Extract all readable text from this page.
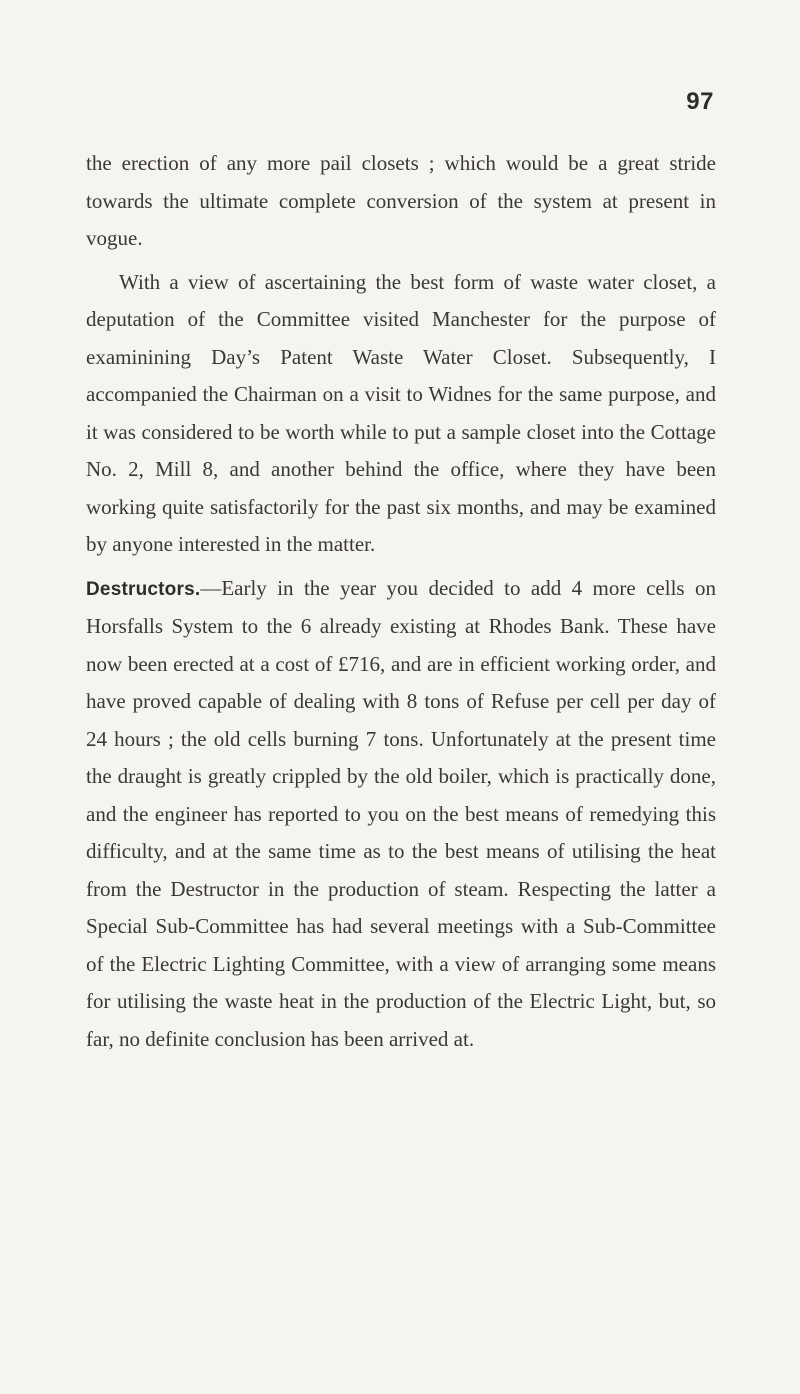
97

the erection of any more pail closets ; which would be a great stride towards the ultimate complete conversion of the system at present in vogue.

With a view of ascertaining the best form of waste water closet, a deputation of the Committee visited Manchester for the purpose of examinining Day’s Patent Waste Water Closet. Subsequently, I accompanied the Chairman on a visit to Widnes for the same purpose, and it was considered to be worth while to put a sample closet into the Cottage No. 2, Mill 8, and another behind the office, where they have been working quite satisfactorily for the past six months, and may be examined by anyone interested in the matter.

Destructors.—Early in the year you decided to add 4 more cells on Horsfalls System to the 6 already existing at Rhodes Bank. These have now been erected at a cost of £716, and are in efficient working order, and have proved capable of dealing with 8 tons of Refuse per cell per day of 24 hours ; the old cells burning 7 tons. Unfortunately at the present time the draught is greatly crippled by the old boiler, which is practically done, and the engineer has reported to you on the best means of remedying this difficulty, and at the same time as to the best means of utilising the heat from the Destructor in the production of steam. Respecting the latter a Special Sub-Committee has had several meetings with a Sub-Committee of the Electric Lighting Committee, with a view of arranging some means for utilising the waste heat in the production of the Electric Light, but, so far, no definite conclusion has been arrived at.
